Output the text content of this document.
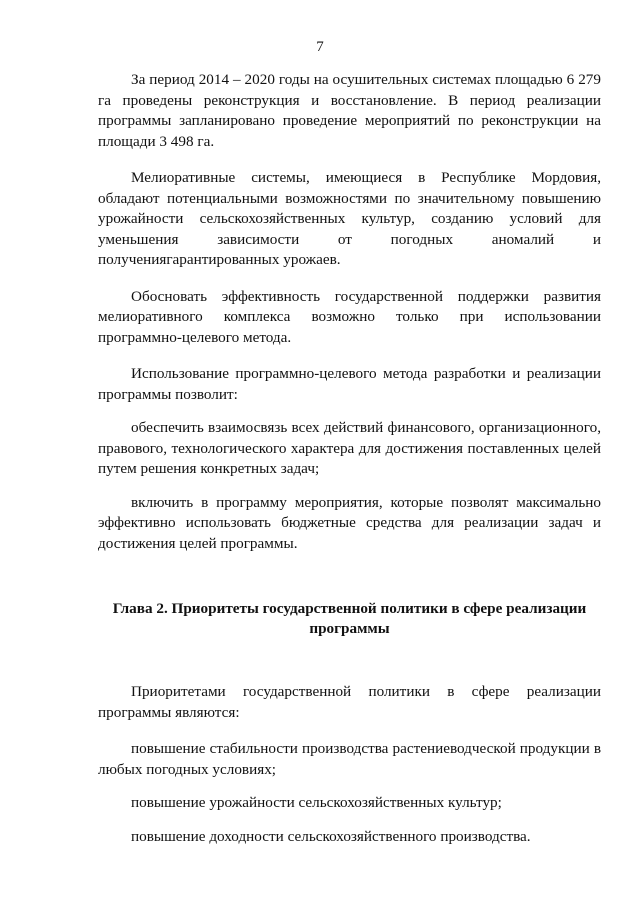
7

За период 2014 – 2020 годы на осушительных системах площадью 6 279 га проведены реконструкция и восстановление. В период реализации программы запланировано проведение мероприятий по реконструкции на площади 3 498 га.

Мелиоративные системы, имеющиеся в Республике Мордовия, обладают потенциальными возможностями по значительному повышению урожайности сельскохозяйственных культур, созданию условий для уменьшения зависимости от погодных аномалий и получениягарантированных урожаев.

Обосновать эффективность государственной поддержки развития мелиоративного комплекса возможно только при использовании программно-целевого метода.

Использование программно-целевого метода разработки и реализации программы позволит:

обеспечить взаимосвязь всех действий финансового, организационного, правового, технологического характера для достижения поставленных целей путем решения конкретных задач;

включить в программу мероприятия, которые позволят максимально эффективно использовать бюджетные средства для реализации задач и достижения целей программы.

Глава 2. Приоритеты государственной политики в сфере реализации программы

Приоритетами государственной политики в сфере реализации программы являются:

повышение стабильности производства растениеводческой продукции в любых погодных условиях;

повышение урожайности сельскохозяйственных культур;

повышение доходности сельскохозяйственного производства.
